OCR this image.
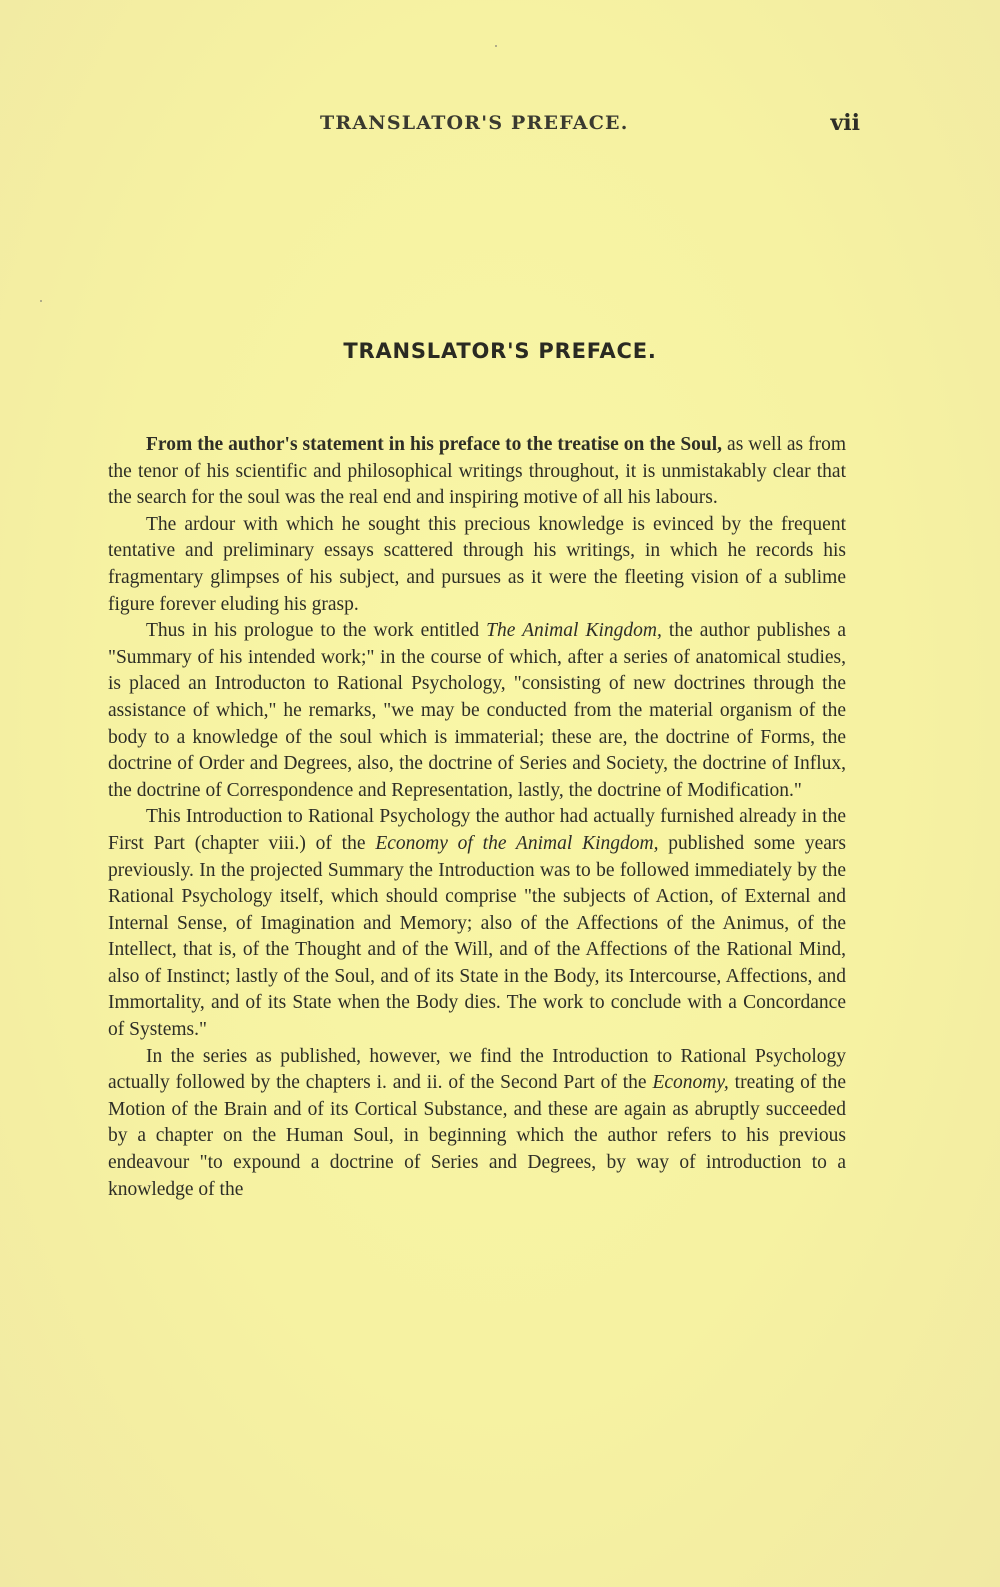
TRANSLATOR'S PREFACE.	vii
TRANSLATOR'S PREFACE.

From the author's statement in his preface to the treatise on the Soul, as well as from the tenor of his scientific and philosophical writings throughout, it is unmistakably clear that the search for the soul was the real end and inspiring motive of all his labours.

The ardour with which he sought this precious knowledge is evinced by the frequent tentative and preliminary essays scattered through his writings, in which he records his fragmentary glimpses of his subject, and pursues as it were the fleeting vision of a sublime figure forever eluding his grasp.

Thus in his prologue to the work entitled The Animal Kingdom, the author publishes a "Summary of his intended work;" in the course of which, after a series of anatomical studies, is placed an Introducton to Rational Psychology, "consisting of new doctrines through the assistance of which," he remarks, "we may be conducted from the material organism of the body to a knowledge of the soul which is immaterial; these are, the doctrine of Forms, the doctrine of Order and Degrees, also, the doctrine of Series and Society, the doctrine of Influx, the doctrine of Correspondence and Representation, lastly, the doctrine of Modification."

This Introduction to Rational Psychology the author had actually furnished already in the First Part (chapter viii.) of the Economy of the Animal Kingdom, published some years previously. In the projected Summary the Introduction was to be followed immediately by the Rational Psychology itself, which should comprise "the subjects of Action, of External and Internal Sense, of Imagination and Memory; also of the Affections of the Animus, of the Intellect, that is, of the Thought and of the Will, and of the Affections of the Rational Mind, also of Instinct; lastly of the Soul, and of its State in the Body, its Intercourse, Affections, and Immortality, and of its State when the Body dies. The work to conclude with a Concordance of Systems."

In the series as published, however, we find the Introduction to Rational Psychology actually followed by the chapters i. and ii. of the Second Part of the Economy, treating of the Motion of the Brain and of its Cortical Substance, and these are again as abruptly succeeded by a chapter on the Human Soul, in beginning which the author refers to his previous endeavour "to expound a doctrine of Series and Degrees, by way of introduction to a knowledge of the
